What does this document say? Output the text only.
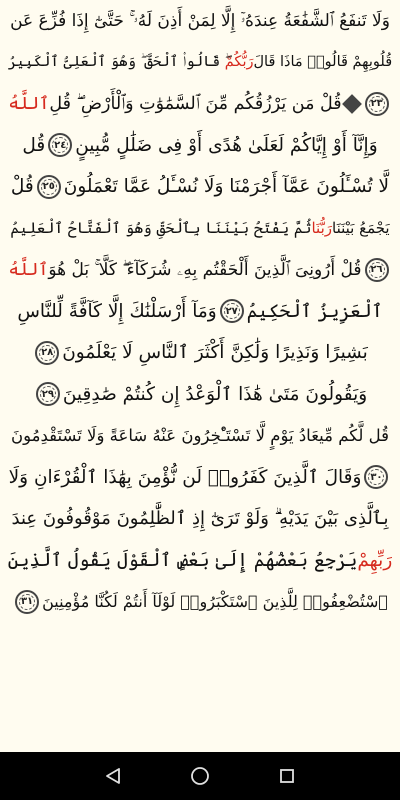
وَلَا تَنفَعُ ٱلشَّفَٰعَةُ عِندَهُۥٓ إِلَّا لِمَنْ أَذِنَ لَهُۥ ۚ حَتَّىٰٓ إِذَا فُزِّعَ عَن
قُلُوبِهِمْ قَالُوا۟ مَاذَا قَالَ
رَبُّكُمْ
ۖ قَالُوا۟ ٱلْحَقَّ ۖ وَهُوَ ٱلْعَلِىُّ ٱلْكَبِيرُ
٢٣
قُلْ مَن يَرْزُقُكُم مِّنَ ٱلسَّمَٰوَٰتِ وَٱلْأَرْضِ ۖ قُلِ
ٱللَّهُ
وَإِنَّآ أَوْ إِيَّاكُمْ لَعَلَىٰ هُدًى أَوْ فِى ضَلَٰلٍ مُّبِينٍ
٢٤
قُل
لَّا تُسْـَٔلُونَ عَمَّآ أَجْرَمْنَا وَلَا نُسْـَٔلُ عَمَّا تَعْمَلُونَ
٢٥
قُلْ
يَجْمَعُ بَيْنَنَا
رَبُّنَا
ثُمَّ يَفْتَحُ بَيْنَنَا بِٱلْحَقِّ وَهُوَ ٱلْفَتَّاحُ ٱلْعَلِيمُ
٢٦
قُلْ أَرُونِىَ ٱلَّذِينَ أَلْحَقْتُم بِهِۦ شُرَكَآءَ ۖ كَلَّا ۚ بَلْ هُوَ
ٱللَّهُ
ٱلْعَزِيزُ ٱلْحَكِيمُ
٢٧
وَمَآ أَرْسَلْنَٰكَ إِلَّا كَآفَّةً لِّلنَّاسِ
بَشِيرًا وَنَذِيرًا وَلَٰكِنَّ أَكْثَرَ ٱلنَّاسِ لَا يَعْلَمُونَ
٢٨
وَيَقُولُونَ مَتَىٰ هَٰذَا ٱلْوَعْدُ إِن كُنتُمْ صَٰدِقِينَ
٢٩
قُل لَّكُم مِّيعَادُ يَوْمٍ لَّا تَسْتَـْٔخِرُونَ عَنْهُ سَاعَةً وَلَا تَسْتَقْدِمُونَ
٣٠
وَقَالَ ٱلَّذِينَ كَفَرُوا۟ لَن نُّؤْمِنَ بِهَٰذَا ٱلْقُرْءَانِ وَلَا
بِٱلَّذِى بَيْنَ يَدَيْهِ ۗ وَلَوْ تَرَىٰٓ إِذِ ٱلظَّٰلِمُونَ مَوْقُوفُونَ عِندَ
رَبِّهِمْ
يَرْجِعُ بَعْضُهُمْ إِلَىٰ بَعْضٍ ٱلْقَوْلَ يَقُولُ ٱلَّذِينَ
ٱسْتُضْعِفُوا۟ لِلَّذِينَ ٱسْتَكْبَرُوا۟ لَوْلَآ أَنتُمْ لَكُنَّا مُؤْمِنِينَ
٣١
